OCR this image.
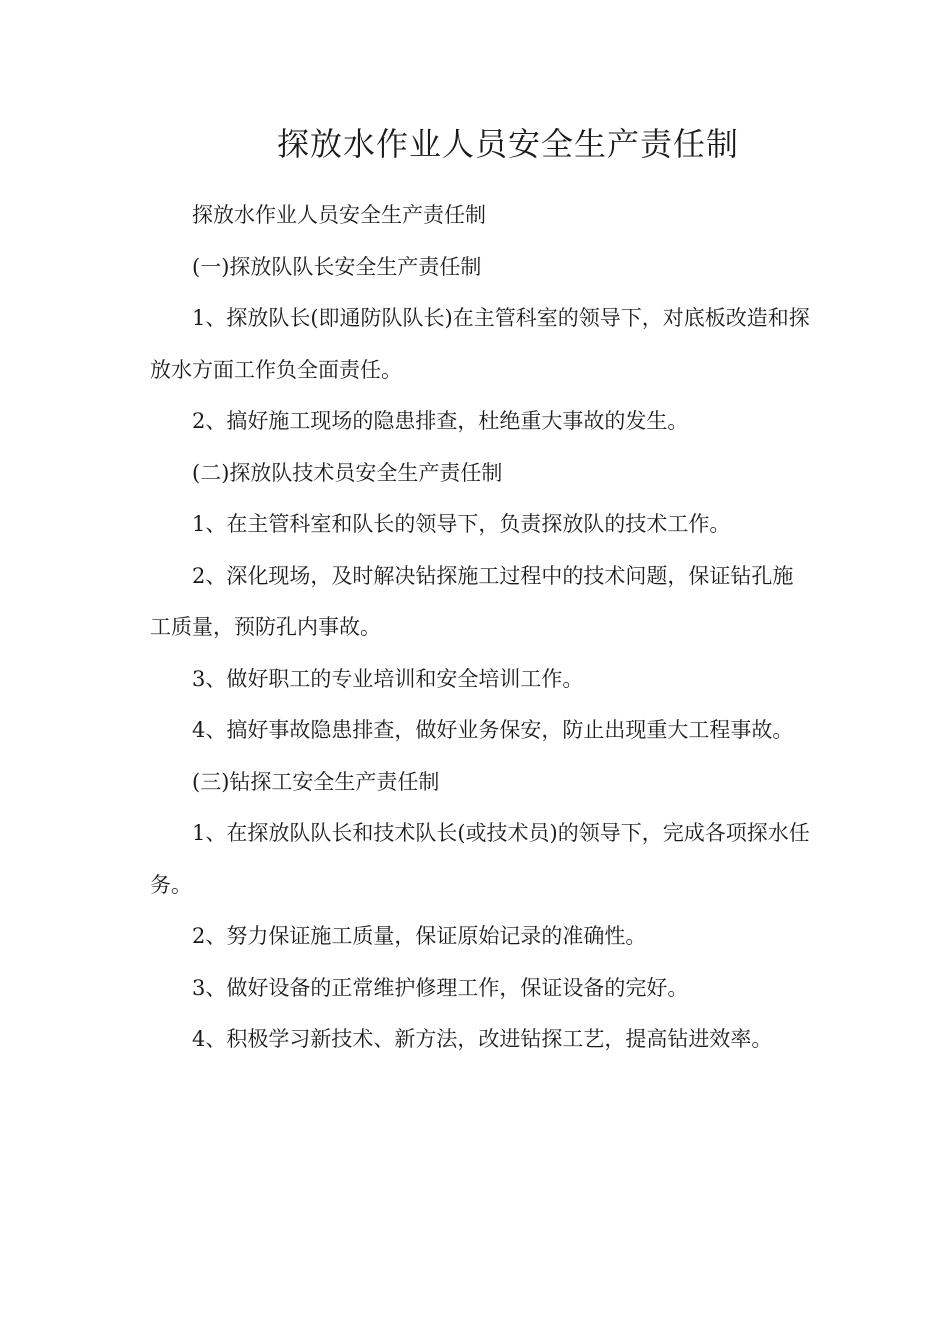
探放水作业人员安全生产责任制

探放水作业人员安全生产责任制

(一)探放队队长安全生产责任制

1、探放队长(即通防队队长)在主管科室的领导下，对底板改造和探放水方面工作负全面责任。

2、搞好施工现场的隐患排查，杜绝重大事故的发生。

(二)探放队技术员安全生产责任制

1、在主管科室和队长的领导下，负责探放队的技术工作。

2、深化现场，及时解决钻探施工过程中的技术问题，保证钻孔施工质量，预防孔内事故。

3、做好职工的专业培训和安全培训工作。

4、搞好事故隐患排查，做好业务保安，防止出现重大工程事故。

(三)钻探工安全生产责任制

1、在探放队队长和技术队长(或技术员)的领导下，完成各项探水任务。

2、努力保证施工质量，保证原始记录的准确性。

3、做好设备的正常维护修理工作，保证设备的完好。

4、积极学习新技术、新方法，改进钻探工艺，提高钻进效率。
